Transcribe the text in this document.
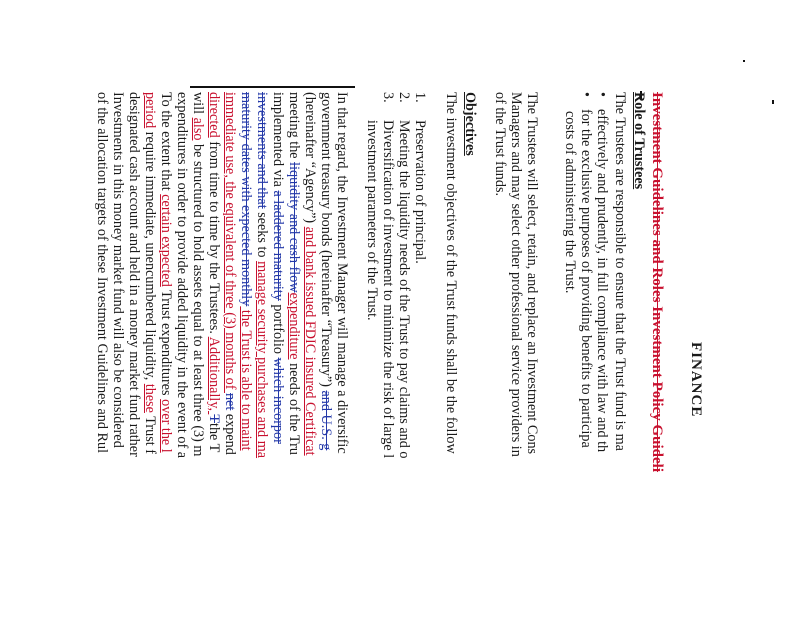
FINANCE
Investment Guidelines and Roles Investment Policy Guideli
Role of Trustees
The Trustees are responsible to ensure that the Trust fund is ma
•effectively and prudently, in full compliance with law and th
•for the exclusive purposes of providing benefits to participa
costs of administering the Trust.
The Trustees will select, retain, and replace an Investment Cons
Managers and may select other professional service providers in
of the Trust funds.
Objectives
The investment objectives of the Trust funds shall be the follow
1.Preservation of principal.
2.Meeting the liquidity needs of the Trust to pay claims and o
3.Diversification of investment to minimize the risk of large l
investment parameters of the Trust.
In that regard, the Investment Manager will manage a diversific
government treasury bonds (hereinafter “Treasury”) and U.S. g
(hereinafter “Agency”) and bank issued FDIC insured Certificat
meeting the liquidity and cash flowexpenditure needs of the Tru
implemented via a laddered maturity portfolio which incorpor
investments and that seeks to manage security purchases and ma
maturity dates with expected monthly the Trust is able to maint
immediate use, the equivalent of three (3) months of net expend
directed from time to time by the Trustees. Additionally, Tthe T
will also be structured to hold assets equal to at least three (3) m
expenditures in order to provide added liquidity in the event of a
To the extent that certain expected Trust expenditures over the l
period require immediate, unencumbered liquidity, these Trust f
designated cash account and held in a money market fund rather
Investments in this money market fund will also be considered
of the allocation targets of these Investment Guidelines and Rul
